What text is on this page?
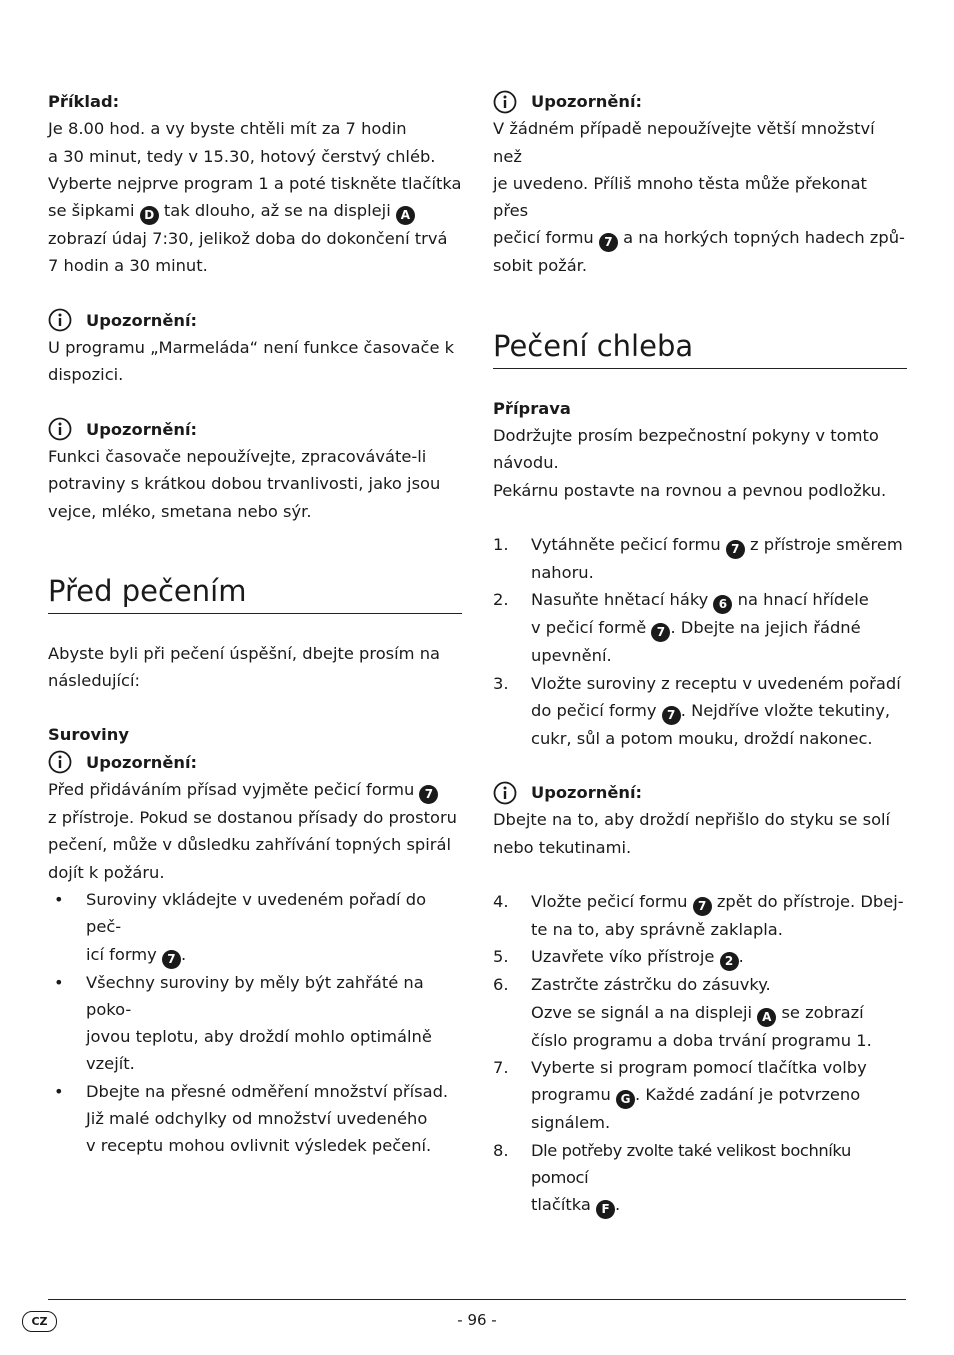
Příklad:

Je 8.00 hod. a vy byste chtěli mít za 7 hodin

a 30 minut, tedy v 15.30, hotový čerstvý chléb.

Vyberte nejprve program 1 a poté tiskněte tlačítka

se šipkami D tak dlouho, až se na displeji A

zobrazí údaj 7:30, jelikož doba do dokončení trvá

7 hodin a 30 minut.

Upozornění:

U programu „Marmeláda“ není funkce časovače k

dispozici.

Upozornění:

Funkci časovače nepoužívejte, zpracováváte-li

potraviny s krátkou dobou trvanlivosti, jako jsou

vejce, mléko, smetana nebo sýr.

Před pečením

Abyste byli při pečení úspěšní, dbejte prosím na

následující:

Suroviny

Upozornění:

Před přidáváním přísad vyjměte pečicí formu 7

z přístroje. Pokud se dostanou přísady do prostoru

pečení, může v důsledku zahřívání topných spirál

dojít k požáru.

• Suroviny vkládejte v uvedeném pořadí do peč-
icí formy 7 .
• Všechny suroviny by měly být zahřáté na poko-
jovou teplotu, aby droždí mohlo optimálně vzejít.
• Dbejte na přesné odměření množství přísad.
Již malé odchylky od množství uvedeného
v receptu mohou ovlivnit výsledek pečení.
Upozornění:

V žádném případě nepoužívejte větší množství než

je uvedeno. Příliš mnoho těsta může překonat přes

pečicí formu 7 a na horkých topných hadech způ-

sobit požár.

Pečení chleba

Příprava

Dodržujte prosím bezpečnostní pokyny v tomto

návodu.

Pekárnu postavte na rovnou a pevnou podložku.

1. Vytáhněte pečicí formu 7 z přístroje směrem
nahoru.
2. Nasuňte hnětací háky 6 na hnací hřídele
v pečicí formě 7 . Dbejte na jejich řádné
upevnění.
3. Vložte suroviny z receptu v uvedeném pořadí
do pečicí formy 7 . Nejdříve vložte tekutiny,
cukr, sůl a potom mouku, droždí nakonec.
Upozornění:

Dbejte na to, aby droždí nepřišlo do styku se solí

nebo tekutinami.

4. Vložte pečicí formu 7 zpět do přístroje. Dbej-
te na to, aby správně zaklapla.
5. Uzavřete víko přístroje 2 .
6. Zastrčte zástrčku do zásuvky.
Ozve se signál a na displeji A se zobrazí
číslo programu a doba trvání programu 1.
7. Vyberte si program pomocí tlačítka volby
programu G . Každé zadání je potvrzeno
signálem.
8. Dle potřeby zvolte také velikost bochníku pomocí
tlačítka F .
CZ	- 96 -
